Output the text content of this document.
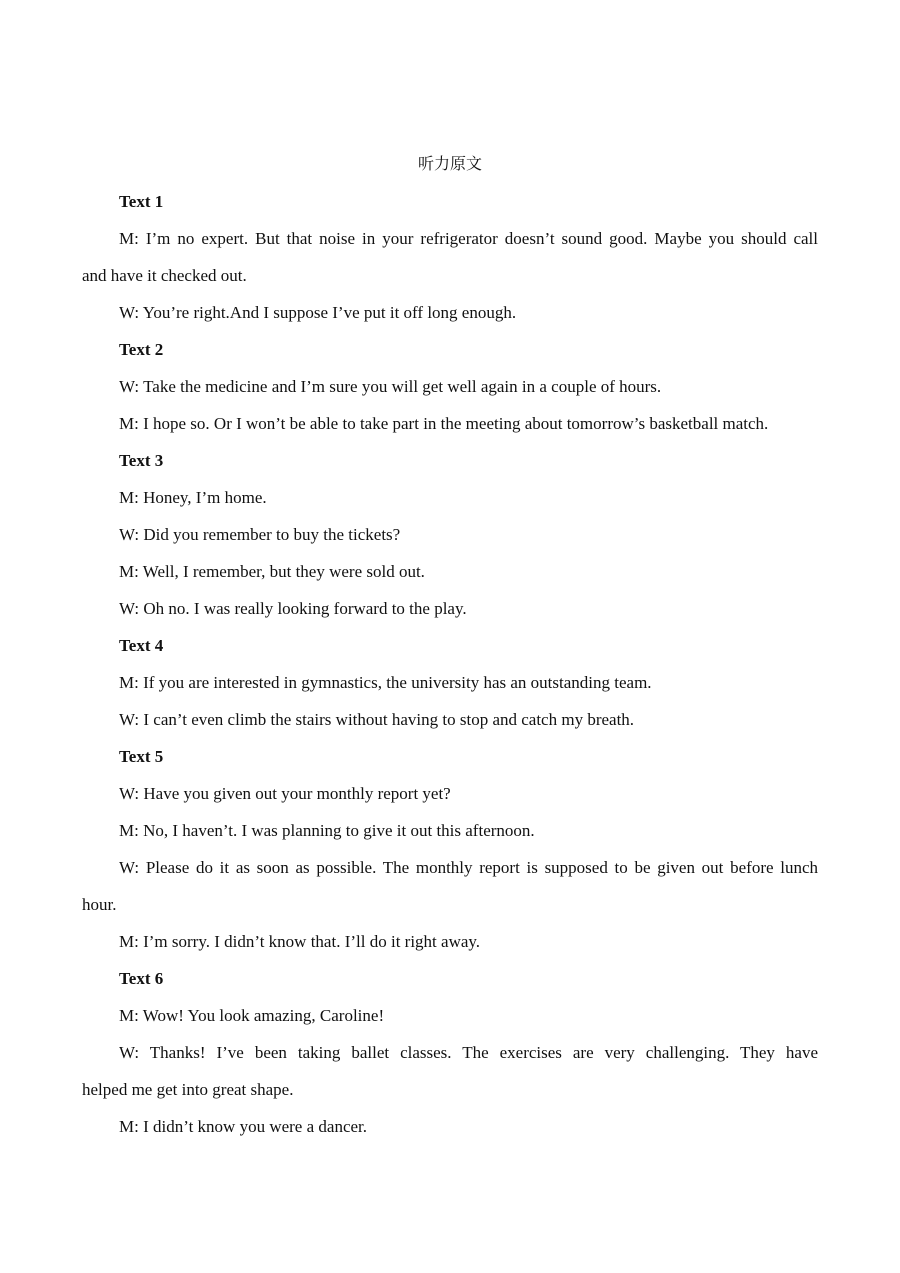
听力原文
Text 1
M: I’m no expert. But that noise in your refrigerator doesn’t sound good. Maybe you should call
and have it checked out.
W: You’re right.And I suppose I’ve put it off long enough.
Text 2
W: Take the medicine and I’m sure you will get well again in a couple of hours.
M: I hope so. Or I won’t be able to take part in the meeting about tomorrow’s basketball match.
Text 3
M: Honey, I’m home.
W: Did you remember to buy the tickets?
M: Well, I remember, but they were sold out.
W: Oh no. I was really looking forward to the play.
Text 4
M: If you are interested in gymnastics, the university has an outstanding team.
W: I can’t even climb the stairs without having to stop and catch my breath.
Text 5
W: Have you given out your monthly report yet?
M: No, I haven’t. I was planning to give it out this afternoon.
W: Please do it as soon as possible. The monthly report is supposed to be given out before lunch
hour.
M: I’m sorry. I didn’t know that. I’ll do it right away.
Text 6
M: Wow! You look amazing, Caroline!
W: Thanks! I’ve been taking ballet classes. The exercises are very challenging. They have
helped me get into great shape.
M: I didn’t know you were a dancer.
